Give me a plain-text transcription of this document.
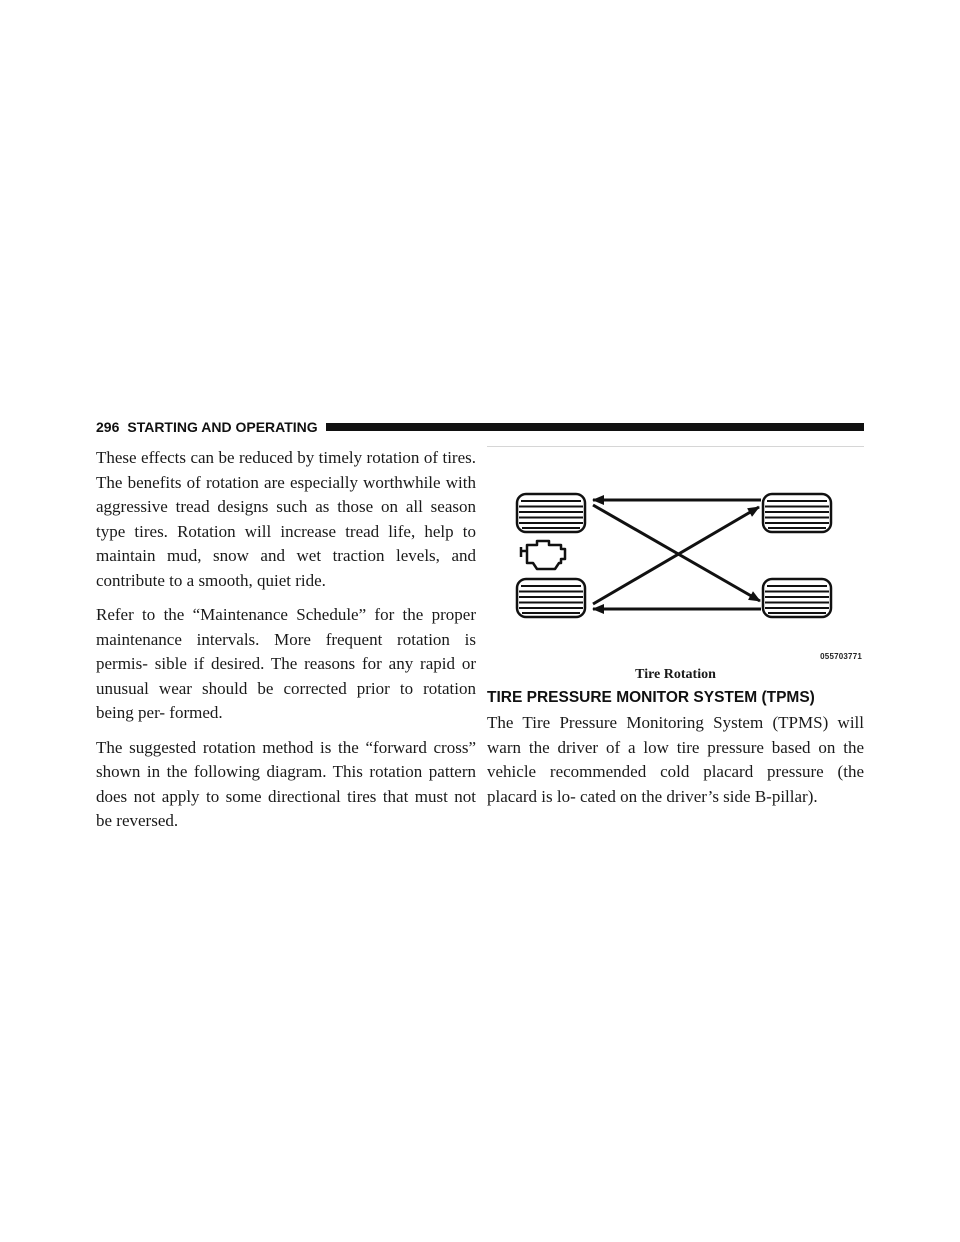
296 STARTING AND OPERATING

These effects can be reduced by timely rotation of tires. The benefits of rotation are especially worthwhile with aggressive tread designs such as those on all season type tires. Rotation will increase tread life, help to maintain mud, snow and wet traction levels, and contribute to a smooth, quiet ride.

Refer to the “Maintenance Schedule” for the proper maintenance intervals. More frequent rotation is permis- sible if desired. The reasons for any rapid or unusual wear should be corrected prior to rotation being per- formed.

The suggested rotation method is the “forward cross” shown in the following diagram. This rotation pattern does not apply to some directional tires that must not be reversed.

055703771
Tire Rotation
TIRE PRESSURE MONITOR SYSTEM (TPMS)

The Tire Pressure Monitoring System (TPMS) will warn the driver of a low tire pressure based on the vehicle recommended cold placard pressure (the placard is lo- cated on the driver’s side B-pillar).
